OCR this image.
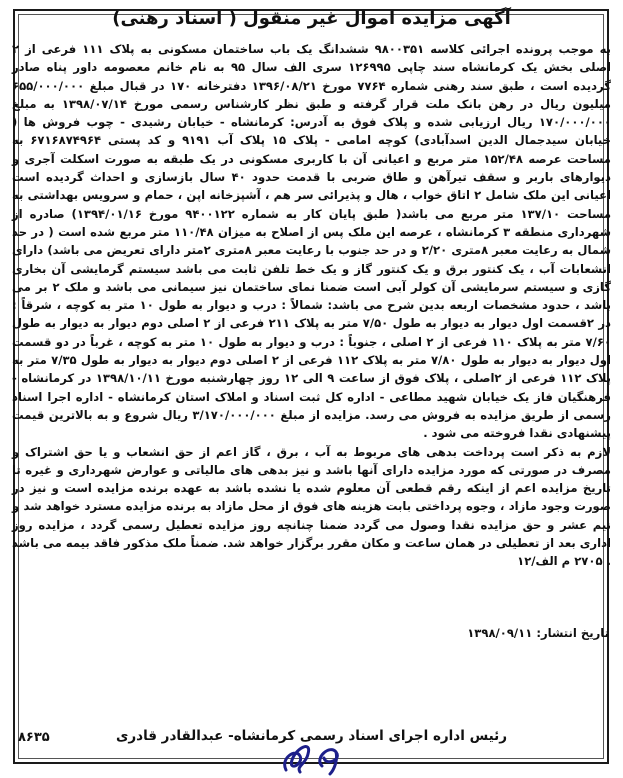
آگهی مزایده اموال غیر منقول ( اسناد رهنی)

به موجب پرونده اجرائی کلاسه ۹۸۰۰۳۵۱ ششدانگ یک باب ساختمان مسکونی به پلاک ۱۱۱ فرعی از ۲ اصلی بخش یک کرمانشاه سند چاپی ۱۲۶۹۹۵ سری الف سال ۹۵ به نام خانم معصومه داور پناه صادر گردیده است ، طبق سند رهنی شماره ۷۷۶۴ مورخ ۱۳۹۶/۰۸/۲۱ دفترخانه ۱۷۰ در قبال مبلغ ۶۵۵/۰۰۰/۰۰۰ میلیون ریال در رهن بانک ملت قرار گرفته و طبق نظر کارشناس رسمی مورخ ۱۳۹۸/۰۷/۱۴ به مبلغ ۱۷۰/۰۰۰/۰۰۰ ریال ارزیابی شده و پلاک فوق به آدرس: کرمانشاه - خیابان رشیدی - چوب فروش ها ( خیابان سیدجمال الدین اسدآبادی) کوچه امامی - پلاک ۱۵ پلاک آب ۹۱۹۱ و کد پستی ۶۷۱۶۸۷۴۹۶۴ به مساحت عرصه ۱۵۲/۴۸ متر مربع و اعیانی آن با کاربری مسکونی در یک طبقه به صورت اسکلت آجری و دیوارهای باربر و سقف تیرآهن و طاق ضربی با قدمت حدود ۴۰ سال بازسازی و احداث گردیده است اعیانی این ملک شامل ۲ اتاق خواب ، هال و پذیرائی سر هم ، آشپزخانه اپن ، حمام و سرویس بهداشتی به مساحت ۱۳۷/۱۰ متر مربع می باشد( طبق پایان کار به شماره ۹۴۰۰۱۲۲ مورخ ۱۳۹۴/۰۱/۱۶) صادره از شهرداری منطقه ۳ کرمانشاه ، عرصه این ملک پس از اصلاح به میزان ۱۱۰/۴۸ متر مربع شده است ( در حد شمال به رعایت معبر ۸متری ۲/۲۰ و در حد جنوب با رعایت معبر ۸متری ۲متر دارای تعریض می باشد) دارای انشعابات آب ، یک کنتور برق و یک کنتور گاز و یک خط تلفن ثابت می باشد سیستم گرمایشی آن بخاری گازی و سیستم سرمایشی آن کولر آبی است ضمنا نمای ساختمان نیز سیمانی می باشد و ملک ۲ بر می باشد ، حدود مشخصات اربعه بدین شرح می باشد: شمالاً : درب و دیوار به طول ۱۰ متر به کوچه ، شرقاً : در ۲قسمت اول دیوار به دیوار به طول ۷/۵۰ متر به پلاک ۲۱۱ فرعی از ۲ اصلی دوم دیوار به دیوار به طول ۷/۶۰ متر به پلاک ۱۱۰ فرعی از ۲ اصلی ، جنوباً : درب و دیوار به طول ۱۰ متر به کوچه ، غرباً در دو قسمت اول دیوار به دیوار به طول ۷/۸۰ متر به پلاک ۱۱۲ فرعی از ۲ اصلی دوم دیوار به دیوار به طول ۷/۳۵ متر به پلاک ۱۱۲ فرعی از ۲اصلی ، پلاک فوق از ساعت ۹ الی ۱۲ روز چهارشنبه مورخ ۱۳۹۸/۱۰/۱۱ در کرمانشاه - فرهنگیان فاز یک خیابان شهید مطاعی - اداره کل ثبت اسناد و املاک استان کرمانشاه - اداره اجرا اسناد رسمی از طریق مزایده به فروش می رسد. مزایده از مبلغ ۳/۱۷۰/۰۰۰/۰۰۰ ریال شروع و به بالاترین قیمت پیشنهادی نقدا فروخته می شود .

لازم به ذکر است پرداخت بدهی های مربوط به آب ، برق ، گاز اعم از حق انشعاب و یا حق اشتراک و مصرف در صورتی که مورد مزایده دارای آنها باشد و نیز بدهی های مالیاتی و عوارض شهرداری و غیره تا تاریخ مزایده اعم از اینکه رقم قطعی آن معلوم شده یا نشده باشد به عهده برنده مزایده است و نیز در صورت وجود مازاد ، وجوه پرداختی بابت هزینه های فوق از محل مازاد به برنده مزایده مسترد خواهد شد و نیم عشر و حق مزایده نقدا وصول می گردد ضمنا چنانچه روز مزایده تعطیل رسمی گردد ، مزایده روز اداری بعد از تعطیلی در همان ساعت و مکان مقرر برگزار خواهد شد. ضمناً ملک مذکور فاقد بیمه می باشد . ۲۷۰۵ م الف/۱۲

تاریخ انتشار: ۱۳۹۸/۰۹/۱۱
رئیس اداره اجرای اسناد رسمی کرمانشاه- عبدالقادر قادری
۸۶۳۵
